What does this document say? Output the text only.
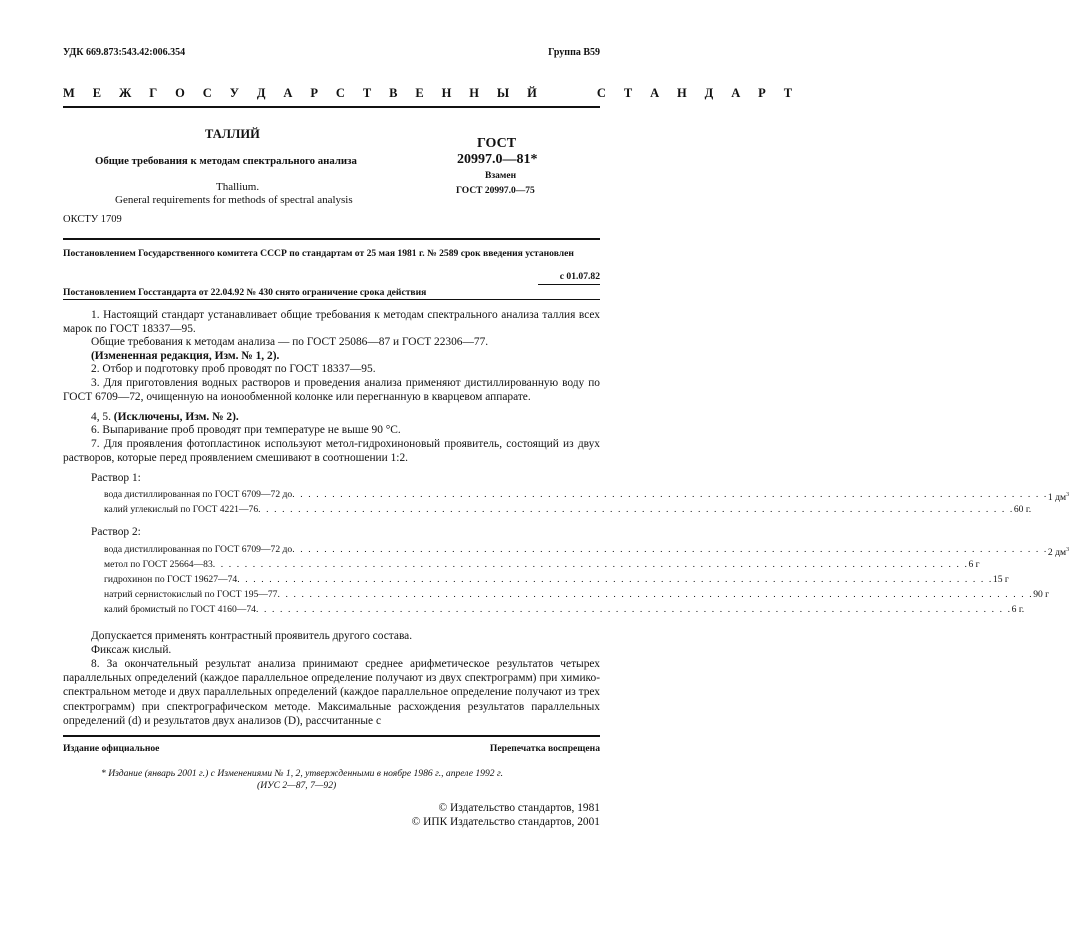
УДК 669.873:543.42:006.354	Группа В59
М Е Ж Г О С У Д А Р С Т В Е Н Н Ы Й     С Т А Н Д А Р Т
ТАЛЛИЙ
Общие требования к методам спектрального анализа
Thallium.
General requirements for methods of spectral analysis
ГОСТ
20997.0—81*
Взамен
ГОСТ 20997.0—75
ОКСТУ 1709
Постановлением Государственного комитета СССР по стандартам от 25 мая 1981 г. № 2589 срок введения установлен
с 01.07.82
Постановлением Госстандарта от 22.04.92 № 430 снято ограничение срока действия
1. Настоящий стандарт устанавливает общие требования к методам спектрального анализа таллия всех марок по ГОСТ 18337—95.
Общие требования к методам анализа — по ГОСТ 25086—87 и ГОСТ 22306—77.
(Измененная редакция, Изм. № 1, 2).
2. Отбор и подготовку проб проводят по ГОСТ 18337—95.
3. Для приготовления водных растворов и проведения анализа применяют дистиллированную воду по ГОСТ 6709—72, очищенную на ионообменной колонке или перегнанную в кварцевом аппарате.
4, 5. (Исключены, Изм. № 2).
6. Выпаривание проб проводят при температуре не выше 90 °С.
7. Для проявления фотопластинок используют метол-гидрохиноновый проявитель, состоящий из двух растворов, которые перед проявлением смешивают в соотношении 1:2.
Раствор 1:
вода дистиллированная по ГОСТ 6709—72 до . . .	1 $дм^3$
калий углекислый по ГОСТ 4221—76 . . .	60 г.
Раствор 2:
вода дистиллированная по ГОСТ 6709—72 до . . .	2 $дм^3$
метол по ГОСТ 25664—83 . . .	6 г
гидрохинон по ГОСТ 19627—74 . . .	15 г
натрий сернистокислый по ГОСТ 195—77 . . .	90 г
калий бромистый по ГОСТ 4160—74 . . .	6 г.
Допускается применять контрастный проявитель другого состава.
Фиксаж кислый.
8. За окончательный результат анализа принимают среднее арифметическое результатов четырех параллельных определений (каждое параллельное определение получают из двух спектрограмм) при химико-спектральном методе и двух параллельных определений (каждое параллельное определение получают из трех спектрограмм) при спектрографическом методе. Максимальные расхождения результатов параллельных определений (d) и результатов двух анализов (D), рассчитанные с
Издание официальное	Перепечатка воспрещена
* Издание (январь 2001 г.) с Изменениями № 1, 2, утвержденными в ноябре 1986 г., апреле 1992 г.
(ИУС 2—87, 7—92)
© Издательство стандартов, 1981
© ИПК Издательство стандартов, 2001
